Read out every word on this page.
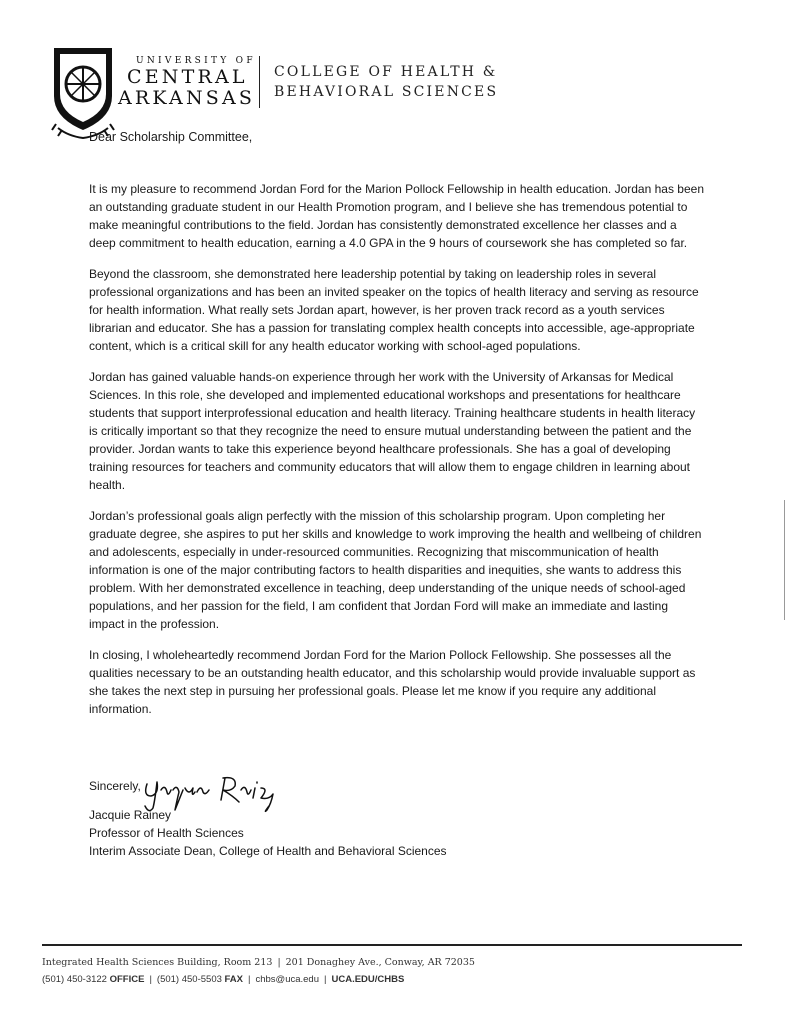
UNIVERSITY OF
CENTRAL
ARKANSAS
COLLEGE OF HEALTH &
BEHAVIORAL SCIENCES
Dear Scholarship Committee,

It is my pleasure to recommend Jordan Ford for the Marion Pollock Fellowship in health education. Jordan has been an outstanding graduate student in our Health Promotion program, and I believe she has tremendous potential to make meaningful contributions to the field. Jordan has consistently demonstrated excellence her classes and a deep commitment to health education, earning a 4.0 GPA in the 9 hours of coursework she has completed so far.

Beyond the classroom, she demonstrated here leadership potential by taking on leadership roles in several professional organizations and has been an invited speaker on the topics of health literacy and serving as resource for health information. What really sets Jordan apart, however, is her proven track record as a youth services librarian and educator. She has a passion for translating complex health concepts into accessible, age-appropriate content, which is a critical skill for any health educator working with school-aged populations.

Jordan has gained valuable hands-on experience through her work with the University of Arkansas for Medical Sciences. In this role, she developed and implemented educational workshops and presentations for healthcare students that support interprofessional education and health literacy. Training healthcare students in health literacy is critically important so that they recognize the need to ensure mutual understanding between the patient and the provider. Jordan wants to take this experience beyond healthcare professionals. She has a goal of developing training resources for teachers and community educators that will allow them to engage children in learning about health.

Jordan’s professional goals align perfectly with the mission of this scholarship program. Upon completing her graduate degree, she aspires to put her skills and knowledge to work improving the health and wellbeing of children and adolescents, especially in under-resourced communities. Recognizing that miscommunication of health information is one of the major contributing factors to health disparities and inequities, she wants to address this problem. With her demonstrated excellence in teaching, deep understanding of the unique needs of school-aged populations, and her passion for the field, I am confident that Jordan Ford will make an immediate and lasting impact in the profession.

In closing, I wholeheartedly recommend Jordan Ford for the Marion Pollock Fellowship. She possesses all the qualities necessary to be an outstanding health educator, and this scholarship would provide invaluable support as she takes the next step in pursuing her professional goals. Please let me know if you require any additional information.

Sincerely,
Jacquie Rainey
Professor of Health Sciences
Interim Associate Dean, College of Health and Behavioral Sciences
Integrated Health Sciences Building, Room 213 | 201 Donaghey Ave., Conway, AR 72035
(501) 450-3122 OFFICE | (501) 450-5503 FAX | chbs@uca.edu | UCA.EDU/CHBS
